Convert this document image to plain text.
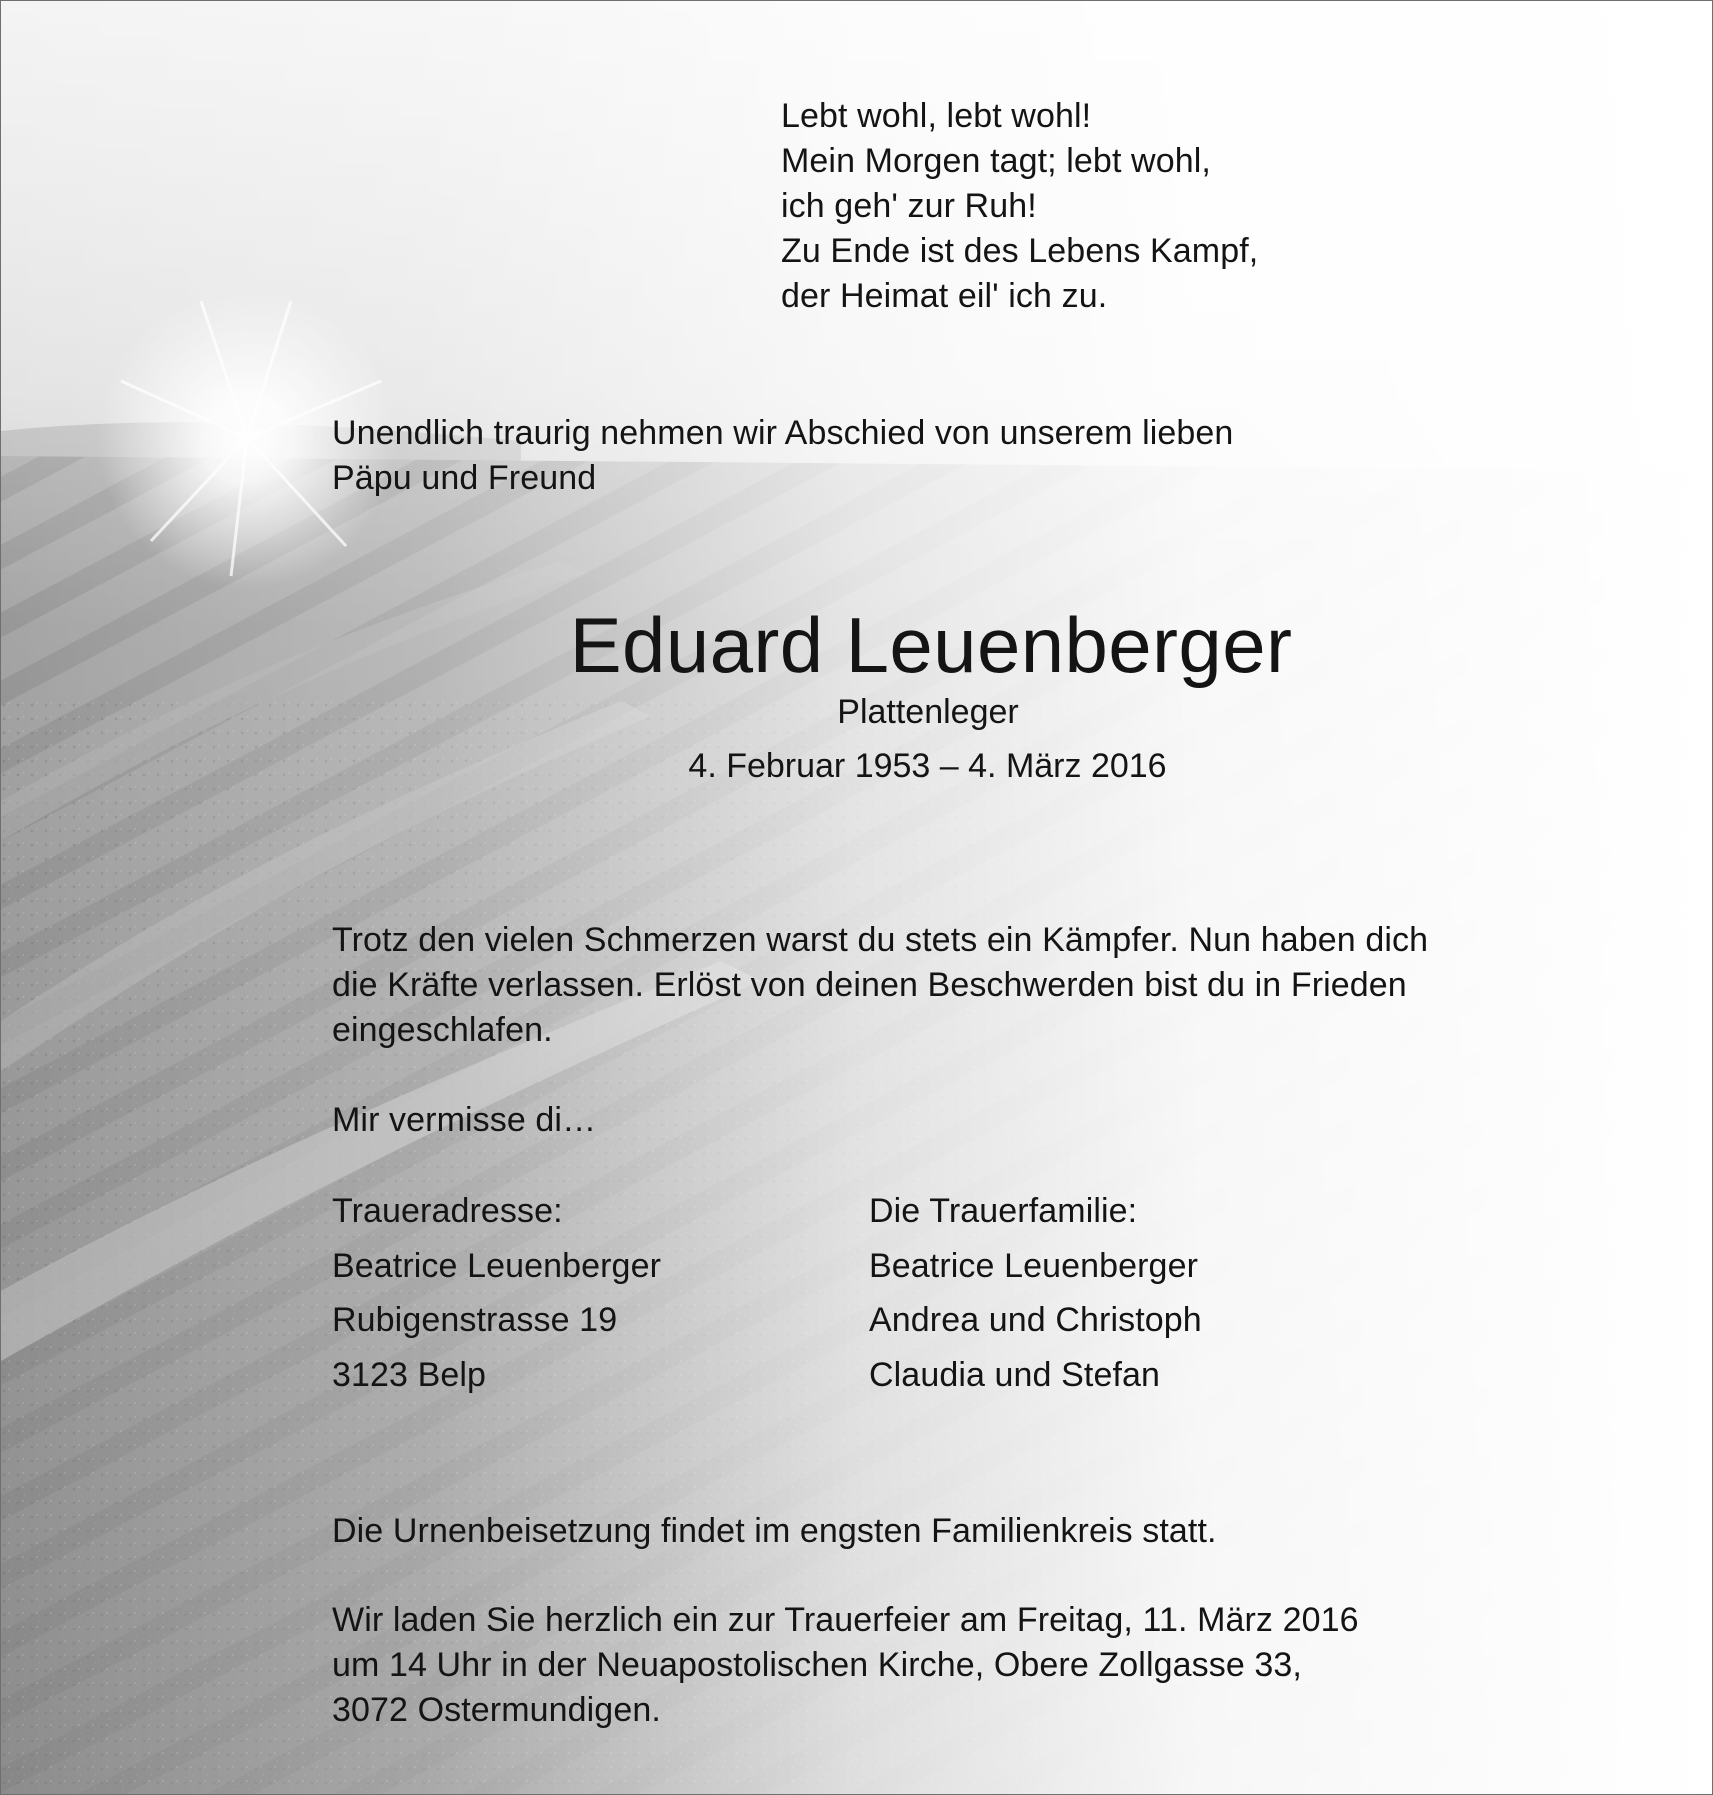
Lebt wohl, lebt wohl!
Mein Morgen tagt; lebt wohl,
ich geh' zur Ruh!
Zu Ende ist des Lebens Kampf,
der Heimat eil' ich zu.
Unendlich traurig nehmen wir Abschied von unserem lieben
Päpu und Freund
Eduard Leuenberger
Plattenleger
4. Februar 1953 – 4. März 2016
Trotz den vielen Schmerzen warst du stets ein Kämpfer. Nun haben dich
die Kräfte verlassen. Erlöst von deinen Beschwerden bist du in Frieden
eingeschlafen.
Mir vermisse di…
Traueradresse:
Beatrice Leuenberger
Rubigenstrasse 19
3123 Belp
Die Trauerfamilie:
Beatrice Leuenberger
Andrea und Christoph
Claudia und Stefan
Die Urnenbeisetzung findet im engsten Familienkreis statt.
Wir laden Sie herzlich ein zur Trauerfeier am Freitag, 11. März 2016
um 14 Uhr in der Neuapostolischen Kirche, Obere Zollgasse 33,
3072 Ostermundigen.
